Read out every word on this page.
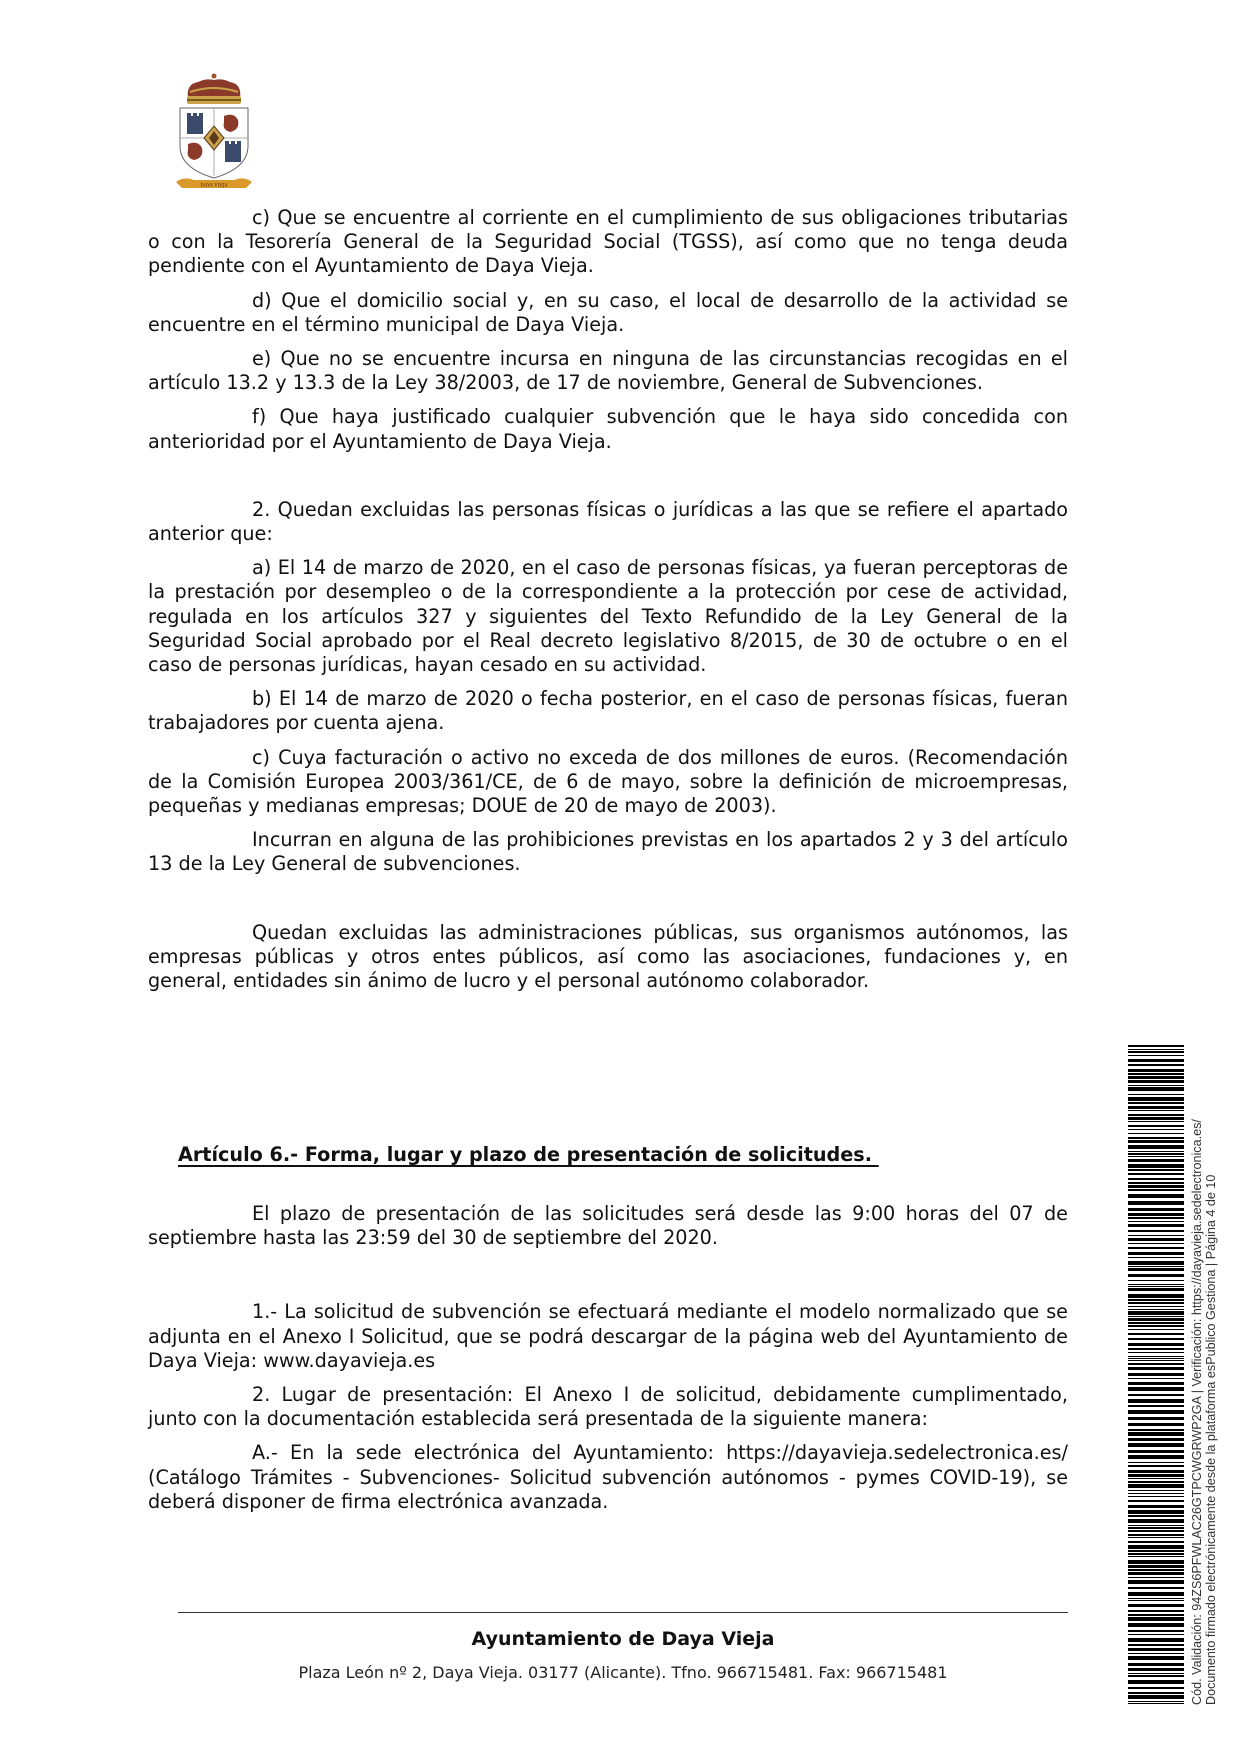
DAYA VIEJA

c) Que se encuentre al corriente en el cumplimiento de sus obligaciones tributarias o con la Tesorería General de la Seguridad Social (TGSS), así como que no tenga deuda pendiente con el Ayuntamiento de Daya Vieja.

d) Que el domicilio social y, en su caso, el local de desarrollo de la actividad se encuentre en el término municipal de Daya Vieja.

e) Que no se encuentre incursa en ninguna de las circunstancias recogidas en el artículo 13.2 y 13.3 de la Ley 38/2003, de 17 de noviembre, General de Subvenciones.

f) Que haya justificado cualquier subvención que le haya sido concedida con anterioridad por el Ayuntamiento de Daya Vieja.

2. Quedan excluidas las personas físicas o jurídicas a las que se refiere el apartado anterior que:

a) El 14 de marzo de 2020, en el caso de personas físicas, ya fueran perceptoras de la prestación por desempleo o de la correspondiente a la protección por cese de actividad, regulada en los artículos 327 y siguientes del Texto Refundido de la Ley General de la Seguridad Social aprobado por el Real decreto legislativo 8/2015, de 30 de octubre o en el caso de personas jurídicas, hayan cesado en su actividad.

b) El 14 de marzo de 2020 o fecha posterior, en el caso de personas físicas, fueran trabajadores por cuenta ajena.

c) Cuya facturación o activo no exceda de dos millones de euros. (Recomendación de la Comisión Europea 2003/361/CE, de 6 de mayo, sobre la definición de microempresas, pequeñas y medianas empresas; DOUE de 20 de mayo de 2003).

Incurran en alguna de las prohibiciones previstas en los apartados 2 y 3 del artículo 13 de la Ley General de subvenciones.

Quedan excluidas las administraciones públicas, sus organismos autónomos, las empresas públicas y otros entes públicos, así como las asociaciones, fundaciones y, en general, entidades sin ánimo de lucro y el personal autónomo colaborador.

Artículo 6.- Forma, lugar y plazo de presentación de solicitudes.

El plazo de presentación de las solicitudes será desde las 9:00 horas del 07 de septiembre hasta las 23:59 del 30 de septiembre del 2020.

1.- La solicitud de subvención se efectuará mediante el modelo normalizado que se adjunta en el Anexo I Solicitud, que se podrá descargar de la página web del Ayuntamiento de Daya Vieja: www.dayavieja.es

2. Lugar de presentación: El Anexo I de solicitud, debidamente cumplimentado, junto con la documentación establecida será presentada de la siguiente manera:

A.- En la sede electrónica del Ayuntamiento: https://dayavieja.sedelectronica.es/ (Catálogo Trámites - Subvenciones- Solicitud subvención autónomos - pymes COVID-19), se deberá disponer de firma electrónica avanzada.

Ayuntamiento de Daya Vieja
Plaza León nº 2, Daya Vieja. 03177 (Alicante). Tfno. 966715481. Fax: 966715481	Cód. Validación: 94ZS6PFWLAC26GTPCWGRWP2GA | Verificación: https://dayavieja.sedelectronica.es/ Documento firmado electrónicamente desde la plataforma esPublico Gestiona | Página 4 de 10
